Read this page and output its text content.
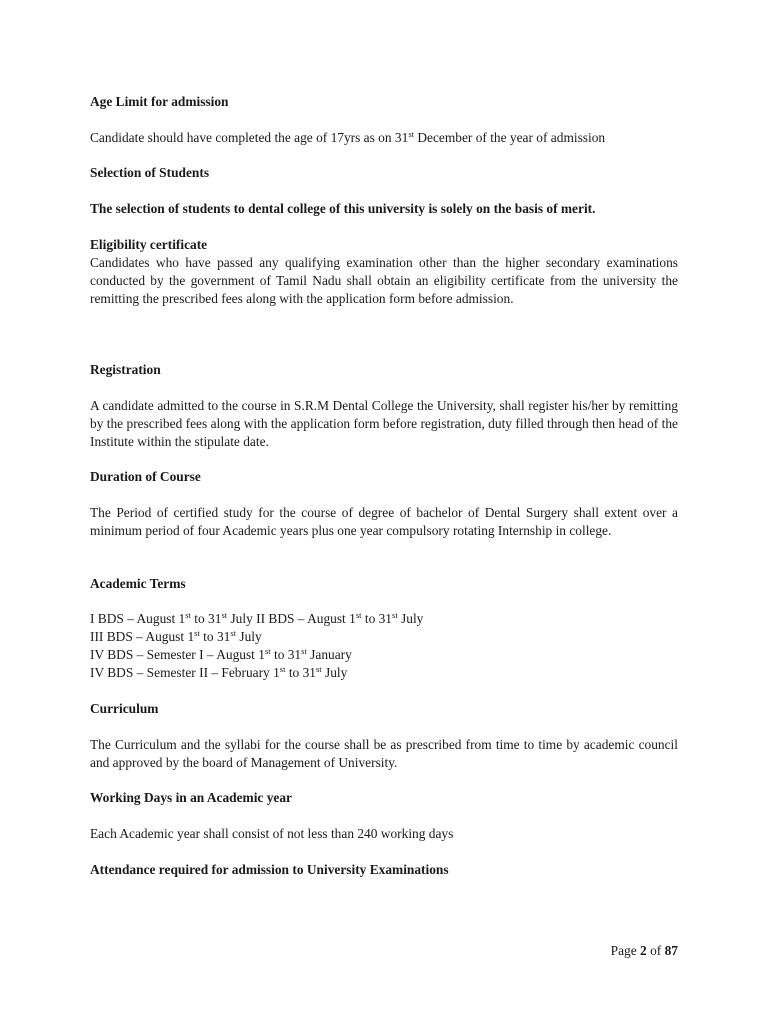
Age Limit for admission

Candidate should have completed the age of 17yrs as on 31st December of the year of admission

Selection of Students

The selection of students to dental college of this university is solely on the basis of merit.

Eligibility certificate

Candidates who have passed any qualifying examination other than the higher secondary examinations conducted by the government of Tamil Nadu shall obtain an eligibility certificate from the university the remitting the prescribed fees along with the application form before admission.

Registration

A candidate admitted to the course in S.R.M Dental College the University, shall register his/her by remitting by the prescribed fees along with the application form before registration, duty filled through then head of the Institute within the stipulate date.

Duration of Course

The Period of certified study for the course of degree of bachelor of Dental Surgery shall extent over a minimum period of four Academic years plus one year compulsory rotating Internship in college.

Academic Terms

I BDS – August 1st to 31st July II BDS – August 1st to 31st July
III BDS – August 1st to 31st July
IV BDS – Semester I – August 1st to 31st January
IV BDS – Semester II – February 1st to 31st July

Curriculum

The Curriculum and the syllabi for the course shall be as prescribed from time to time by academic council and approved by the board of Management of University.

Working Days in an Academic year

Each Academic year shall consist of not less than 240 working days

Attendance required for admission to University Examinations

Page 2 of 87
